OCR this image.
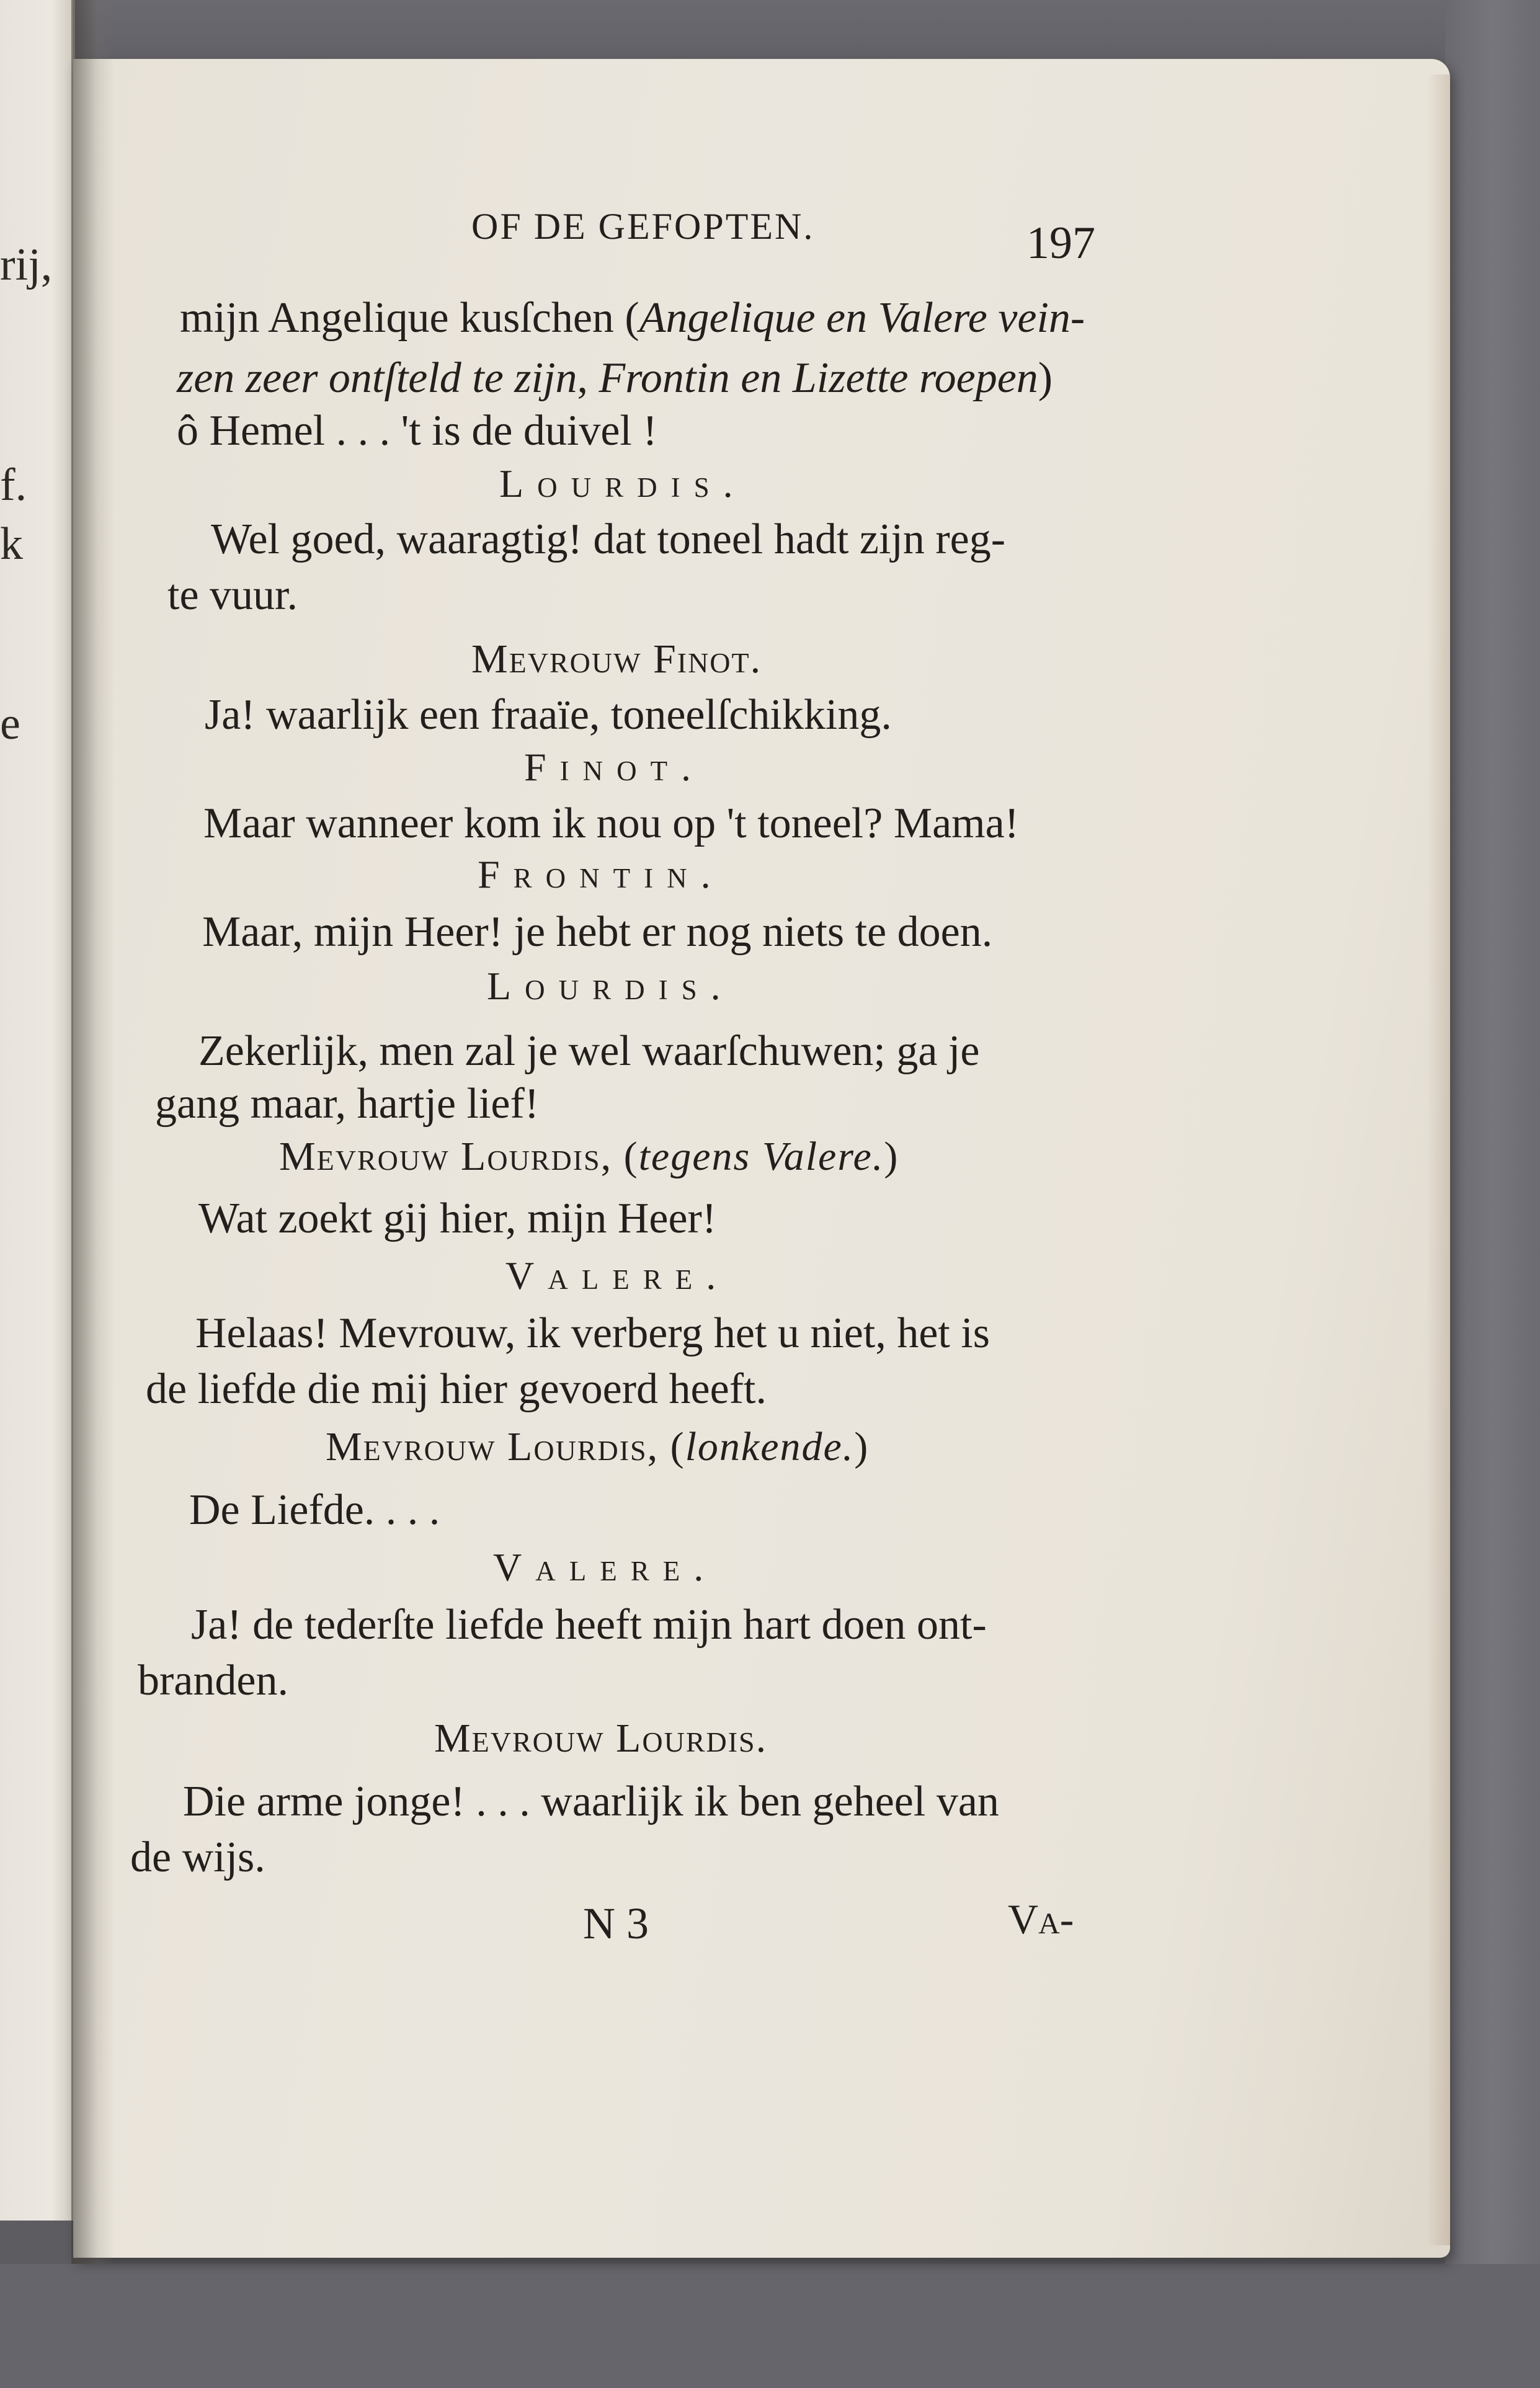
rij,
f.
k
e
OF DE GEFOPTEN.	197
mijn Angelique kusſchen (Angelique en Valere vein-
zen zeer ontſteld te zijn, Frontin en Lizette roepen)
ô Hemel . . . 't is de duivel !
Lourdis.
Wel goed, waaragtig! dat toneel hadt zijn reg-
te vuur.
Mevrouw Finot.
Ja! waarlijk een fraaïe, toneelſchikking.
Finot.
Maar wanneer kom ik nou op 't toneel? Mama!
Frontin.
Maar, mijn Heer! je hebt er nog niets te doen.
Lourdis.
Zekerlijk, men zal je wel waarſchuwen; ga je
gang maar, hartje lief!
Mevrouw Lourdis, (tegens Valere.)
Wat zoekt gij hier, mijn Heer!
Valere.
Helaas! Mevrouw, ik verberg het u niet, het is
de liefde die mij hier gevoerd heeft.
Mevrouw Lourdis, (lonkende.)
De Liefde. . . .
Valere.
Ja! de tederſte liefde heeft mijn hart doen ont-
branden.
Mevrouw Lourdis.
Die arme jonge! . . . waarlijk ik ben geheel van
de wijs.
N 3	Va-
